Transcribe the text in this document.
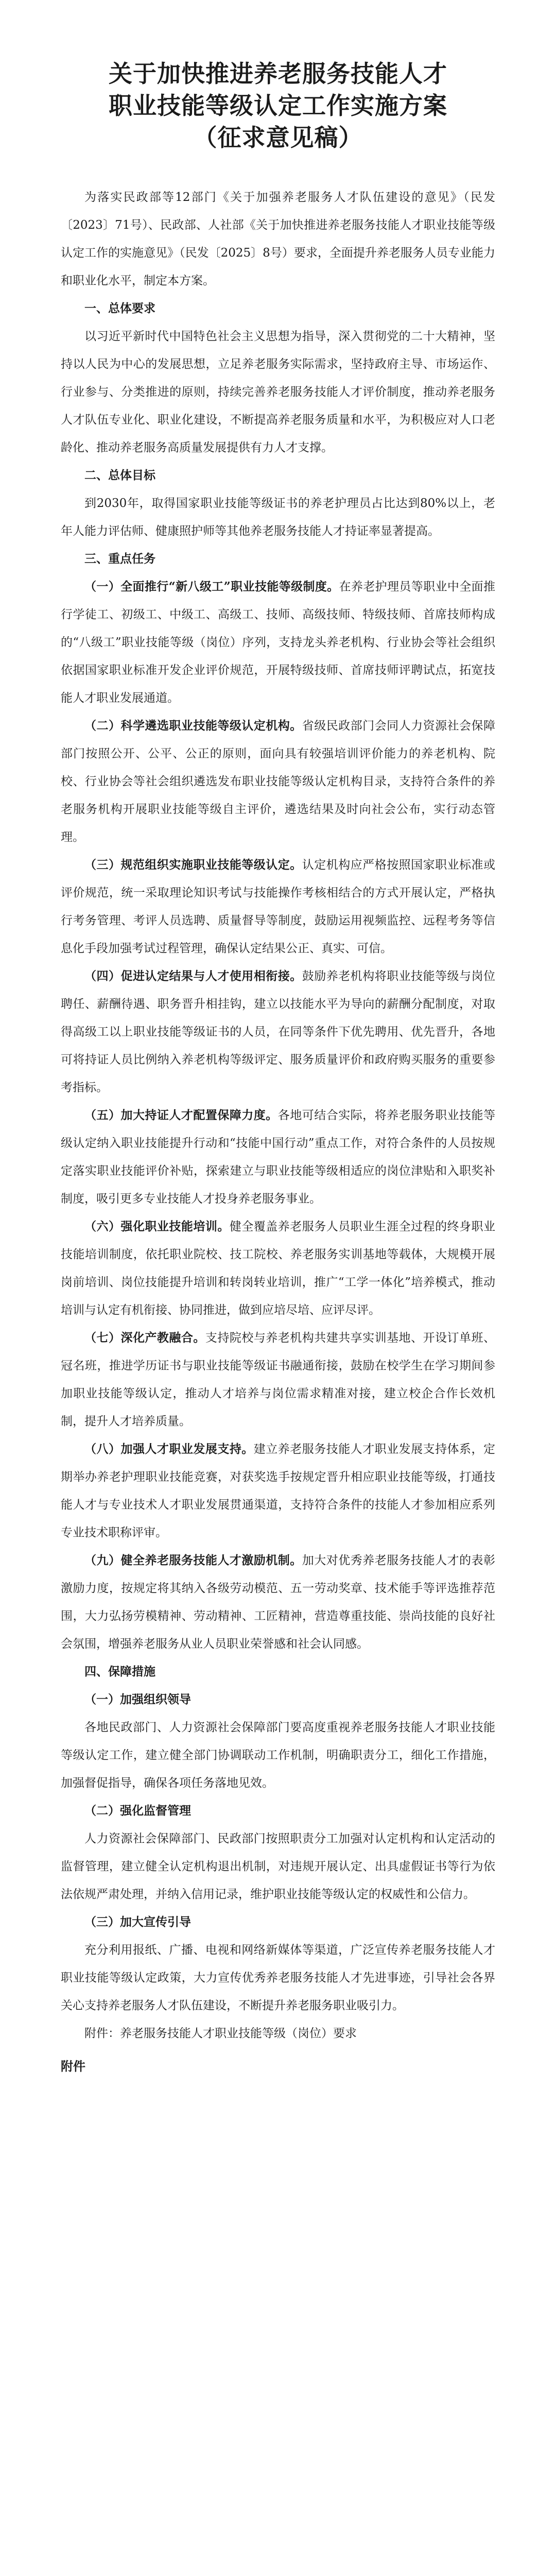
关于加快推进养老服务技能人才
职业技能等级认定工作实施方案
（征求意见稿）

为落实民政部等12部门《关于加强养老服务人才队伍建设的意见》（民发〔2023〕71号）、民政部、人社部《关于加快推进养老服务技能人才职业技能等级认定工作的实施意见》（民发〔2025〕8号）要求，全面提升养老服务人员专业能力和职业化水平，制定本方案。

一、总体要求

以习近平新时代中国特色社会主义思想为指导，深入贯彻党的二十大精神，坚持以人民为中心的发展思想，立足养老服务实际需求，坚持政府主导、市场运作、行业参与、分类推进的原则，持续完善养老服务技能人才评价制度，推动养老服务人才队伍专业化、职业化建设，不断提高养老服务质量和水平，为积极应对人口老龄化、推动养老服务高质量发展提供有力人才支撑。

二、总体目标

到2030年，取得国家职业技能等级证书的养老护理员占比达到80%以上，老年人能力评估师、健康照护师等其他养老服务技能人才持证率显著提高。

三、重点任务

（一）全面推行“新八级工”职业技能等级制度。在养老护理员等职业中全面推行学徒工、初级工、中级工、高级工、技师、高级技师、特级技师、首席技师构成的“八级工”职业技能等级（岗位）序列，支持龙头养老机构、行业协会等社会组织依据国家职业标准开发企业评价规范，开展特级技师、首席技师评聘试点，拓宽技能人才职业发展通道。

（二）科学遴选职业技能等级认定机构。省级民政部门会同人力资源社会保障部门按照公开、公平、公正的原则，面向具有较强培训评价能力的养老机构、院校、行业协会等社会组织遴选发布职业技能等级认定机构目录，支持符合条件的养老服务机构开展职业技能等级自主评价，遴选结果及时向社会公布，实行动态管理。

（三）规范组织实施职业技能等级认定。认定机构应严格按照国家职业标准或评价规范，统一采取理论知识考试与技能操作考核相结合的方式开展认定，严格执行考务管理、考评人员选聘、质量督导等制度，鼓励运用视频监控、远程考务等信息化手段加强考试过程管理，确保认定结果公正、真实、可信。

（四）促进认定结果与人才使用相衔接。鼓励养老机构将职业技能等级与岗位聘任、薪酬待遇、职务晋升相挂钩，建立以技能水平为导向的薪酬分配制度，对取得高级工以上职业技能等级证书的人员，在同等条件下优先聘用、优先晋升，各地可将持证人员比例纳入养老机构等级评定、服务质量评价和政府购买服务的重要参考指标。

（五）加大持证人才配置保障力度。各地可结合实际，将养老服务职业技能等级认定纳入职业技能提升行动和“技能中国行动”重点工作，对符合条件的人员按规定落实职业技能评价补贴，探索建立与职业技能等级相适应的岗位津贴和入职奖补制度，吸引更多专业技能人才投身养老服务事业。

（六）强化职业技能培训。健全覆盖养老服务人员职业生涯全过程的终身职业技能培训制度，依托职业院校、技工院校、养老服务实训基地等载体，大规模开展岗前培训、岗位技能提升培训和转岗转业培训，推广“工学一体化”培养模式，推动培训与认定有机衔接、协同推进，做到应培尽培、应评尽评。

（七）深化产教融合。支持院校与养老机构共建共享实训基地、开设订单班、冠名班，推进学历证书与职业技能等级证书融通衔接，鼓励在校学生在学习期间参加职业技能等级认定，推动人才培养与岗位需求精准对接，建立校企合作长效机制，提升人才培养质量。

（八）加强人才职业发展支持。建立养老服务技能人才职业发展支持体系，定期举办养老护理职业技能竞赛，对获奖选手按规定晋升相应职业技能等级，打通技能人才与专业技术人才职业发展贯通渠道，支持符合条件的技能人才参加相应系列专业技术职称评审。

（九）健全养老服务技能人才激励机制。加大对优秀养老服务技能人才的表彰激励力度，按规定将其纳入各级劳动模范、五一劳动奖章、技术能手等评选推荐范围，大力弘扬劳模精神、劳动精神、工匠精神，营造尊重技能、崇尚技能的良好社会氛围，增强养老服务从业人员职业荣誉感和社会认同感。

四、保障措施

（一）加强组织领导

各地民政部门、人力资源社会保障部门要高度重视养老服务技能人才职业技能等级认定工作，建立健全部门协调联动工作机制，明确职责分工，细化工作措施，加强督促指导，确保各项任务落地见效。

（二）强化监督管理

人力资源社会保障部门、民政部门按照职责分工加强对认定机构和认定活动的监督管理，建立健全认定机构退出机制，对违规开展认定、出具虚假证书等行为依法依规严肃处理，并纳入信用记录，维护职业技能等级认定的权威性和公信力。

（三）加大宣传引导

充分利用报纸、广播、电视和网络新媒体等渠道，广泛宣传养老服务技能人才职业技能等级认定政策，大力宣传优秀养老服务技能人才先进事迹，引导社会各界关心支持养老服务人才队伍建设，不断提升养老服务职业吸引力。

附件：养老服务技能人才职业技能等级（岗位）要求

附件
